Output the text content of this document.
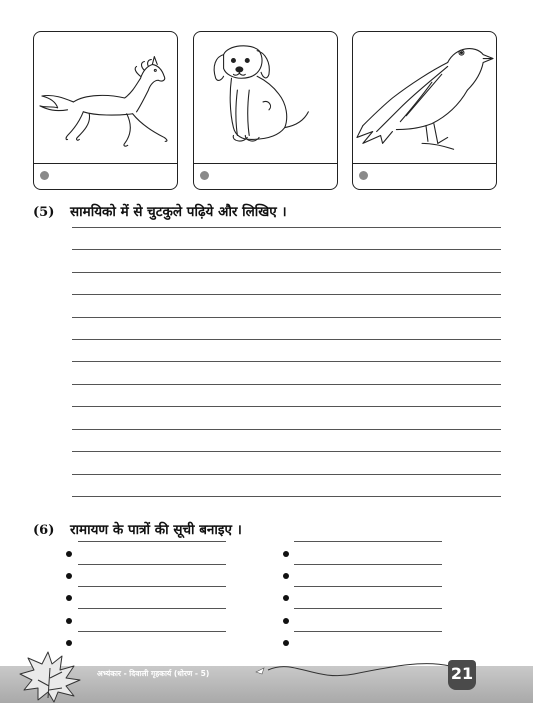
(5) सामयिको में से चुटकुले पढ़िये और लिखिए ।
(6) रामायण के पात्रों की सूची बनाइए ।
अभ्यंकार - दिवाली गृहकार्य (धोरण - 5)	21
